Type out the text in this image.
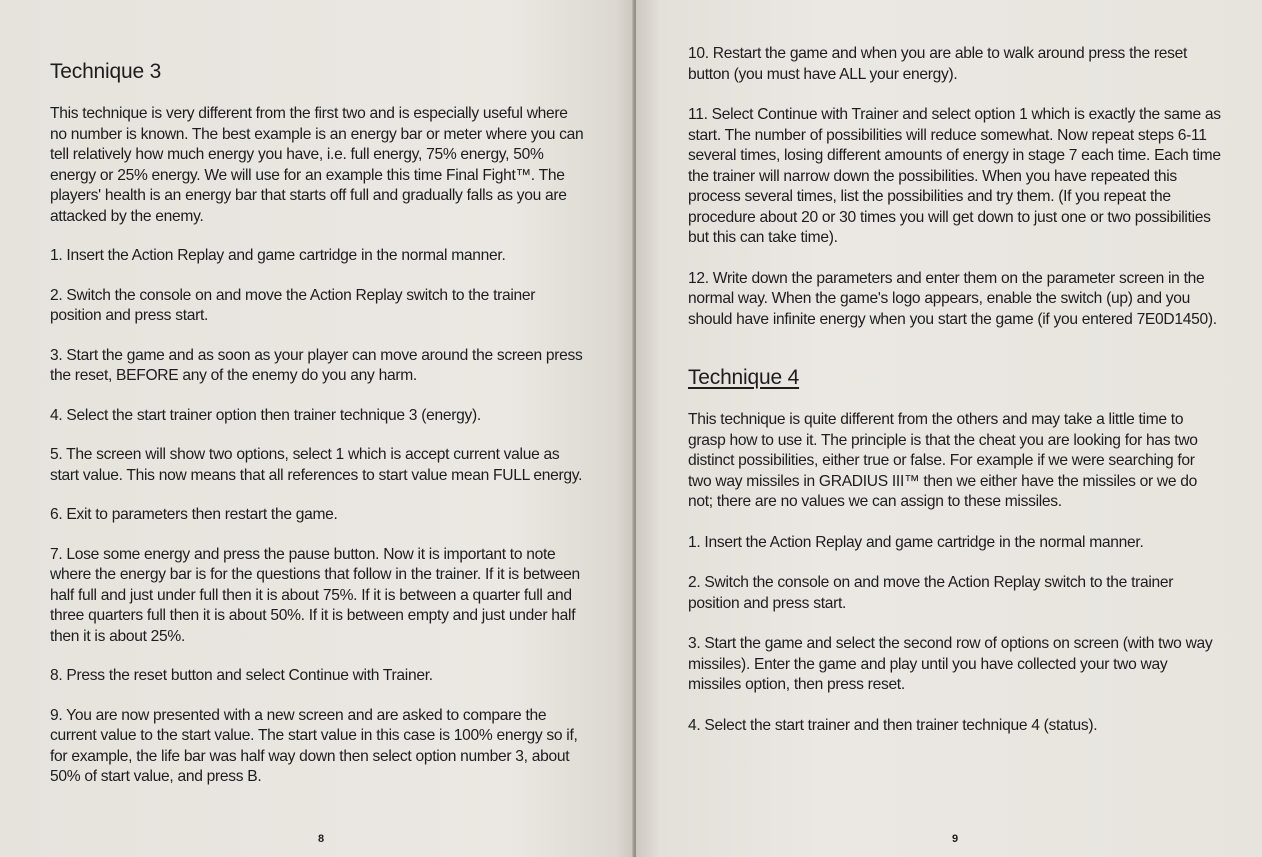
Technique 3

This technique is very different from the first two and is especially useful where no number is known. The best example is an energy bar or meter where you can tell relatively how much energy you have, i.e. full energy, 75% energy, 50% energy or 25% energy. We will use for an example this time Final Fight™. The players' health is an energy bar that starts off full and gradually falls as you are attacked by the enemy.

1. Insert the Action Replay and game cartridge in the normal manner.

2. Switch the console on and move the Action Replay switch to the trainer position and press start.

3. Start the game and as soon as your player can move around the screen press the reset, BEFORE any of the enemy do you any harm.

4. Select the start trainer option then trainer technique 3 (energy).

5. The screen will show two options, select 1 which is accept current value as start value. This now means that all references to start value mean FULL energy.

6. Exit to parameters then restart the game.

7. Lose some energy and press the pause button. Now it is important to note where the energy bar is for the questions that follow in the trainer. If it is between half full and just under full then it is about 75%. If it is between a quarter full and three quarters full then it is about 50%. If it is between empty and just under half then it is about 25%.

8. Press the reset button and select Continue with Trainer.

9. You are now presented with a new screen and are asked to compare the current value to the start value. The start value in this case is 100% energy so if, for example, the life bar was half way down then select option number 3, about 50% of start value, and press B.

8

10. Restart the game and when you are able to walk around press the reset button (you must have ALL your energy).

11. Select Continue with Trainer and select option 1 which is exactly the same as start. The number of possibilities will reduce somewhat. Now repeat steps 6-11 several times, losing different amounts of energy in stage 7 each time. Each time the trainer will narrow down the possibilities. When you have repeated this process several times, list the possibilities and try them. (If you repeat the procedure about 20 or 30 times you will get down to just one or two possibilities but this can take time).

12. Write down the parameters and enter them on the parameter screen in the normal way. When the game's logo appears, enable the switch (up) and you should have infinite energy when you start the game (if you entered 7E0D1450).

Technique 4

This technique is quite different from the others and may take a little time to grasp how to use it. The principle is that the cheat you are looking for has two distinct possibilities, either true or false. For example if we were searching for two way missiles in GRADIUS III™ then we either have the missiles or we do not; there are no values we can assign to these missiles.

1. Insert the Action Replay and game cartridge in the normal manner.

2. Switch the console on and move the Action Replay switch to the trainer position and press start.

3. Start the game and select the second row of options on screen (with two way missiles). Enter the game and play until you have collected your two way missiles option, then press reset.

4. Select the start trainer and then trainer technique 4 (status).

9
